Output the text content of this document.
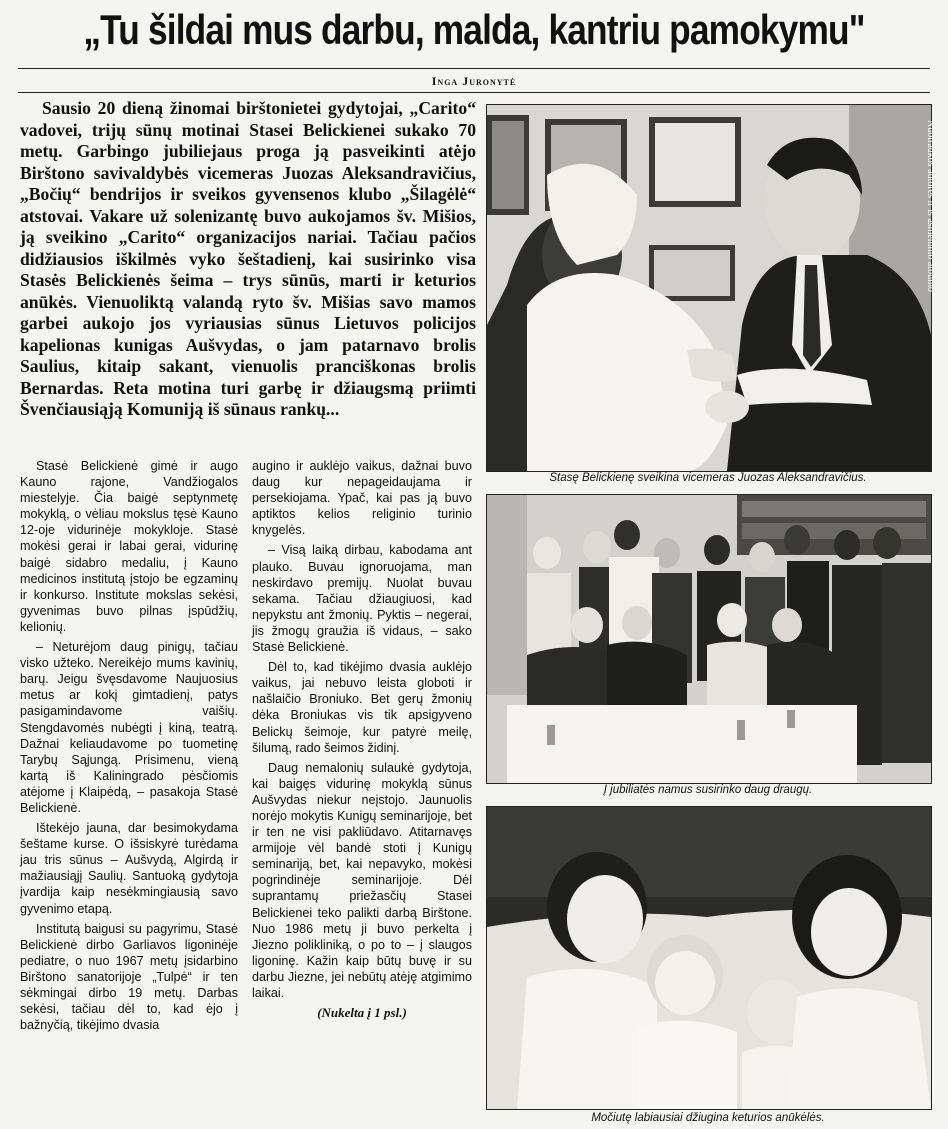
„Tu šildai mus darbu, malda, kantriu pamokymu"
Inga Juronytė

Sausio 20 dieną žinomai birštonietei gydytojai, „Carito“ vadovei, trijų sūnų motinai Stasei Belickienei sukako 70 metų. Garbingo jubiliejaus proga ją pasveikinti atėjo Birštono savivaldybės vicemeras Juozas Aleksandravičius, „Bočių“ bendrijos ir sveikos gyvensenos klubo „Šilagėlė“ atstovai. Vakare už solenizantę buvo aukojamos šv. Mišios, ją sveikino „Carito“ organizacijos nariai. Tačiau pačios didžiausios iškilmės vyko šeštadienį, kai susirinko visa Stasės Belickienės šeima – trys sūnūs, marti ir keturios anūkės. Vienuoliktą valandą ryto šv. Mišias savo mamos garbei aukojo jos vyriausias sūnus Lietuvos policijos kapelionas kunigas Aušvydas, o jam patarnavo brolis Saulius, kitaip sakant, vienuolis pranciškonas brolis Bernardas. Reta motina turi garbę ir džiaugsmą priimti Švenčiausiąją Komuniją iš sūnaus rankų...

Stasė Belickienė gimė ir augo Kauno rajone, Vandžiogalos miestelyje. Čia baigė septynmetę mokyklą, o vėliau mokslus tęsė Kauno 12-oje vidurinėje mokykloje. Stasė mokėsi gerai ir labai gerai, vidurinę baigė sidabro medaliu, į Kauno medicinos institutą įstojo be egzaminų ir konkurso. Institute mokslas sekėsi, gyvenimas buvo pilnas įspūdžių, kelionių.

– Neturėjom daug pinigų, tačiau visko užteko. Nereikėjo mums kavinių, barų. Jeigu švęsdavome Naujuosius metus ar kokį gimtadienį, patys pasigamindavome vaišių. Stengdavomės nubėgti į kiną, teatrą. Dažnai keliaudavome po tuometinę Tarybų Sąjungą. Prisimenu, vieną kartą iš Kaliningrado pėsčiomis atėjome į Klaipėdą, – pasakoja Stasė Belickienė.

Ištekėjo jauna, dar besimokydama šeštame kurse. O išsiskyrė turėdama jau tris sūnus – Aušvydą, Algirdą ir mažiausiąjį Saulių. Santuoką gydytoja įvardija kaip nesėkmingiausią savo gyvenimo etapą.

Institutą baigusi su pagyrimu, Stasė Belickienė dirbo Garliavos ligoninėje pediatre, o nuo 1967 metų įsidarbino Birštono sanatorijoje „Tulpė“ ir ten sėkmingai dirbo 19 metų. Darbas sekėsi, tačiau dėl to, kad ėjo į bažnyčią, tikėjimo dvasia

augino ir auklėjo vaikus, dažnai buvo daug kur nepageidaujama ir persekiojama. Ypač, kai pas ją buvo aptiktos kelios religinio turinio knygelės.

– Visą laiką dirbau, kabodama ant plauko. Buvau ignoruojama, man neskirdavo premijų. Nuolat buvau sekama. Tačiau džiaugiuosi, kad nepykstu ant žmonių. Pyktis – negerai, jis žmogų graužia iš vidaus, – sako Stasė Belickienė.

Dėl to, kad tikėjimo dvasia auklėjo vaikus, jai nebuvo leista globoti ir našlaičio Broniuko. Bet gerų žmonių dėka Broniukas vis tik apsigyveno Belickų šeimoje, kur patyrė meilę, šilumą, rado šeimos židinį.

Daug nemalonių sulaukė gydytoja, kai baigęs vidurinę mokyklą sūnus Aušvydas niekur neįstojo. Jaunuolis norėjo mokytis Kunigų seminarijoje, bet ir ten ne visi pakliūdavo. Atitarnavęs armijoje vėl bandė stoti į Kunigų seminariją, bet, kai nepavyko, mokėsi pogrindinėje seminarijoje. Dėl suprantamų priežasčių Stasei Belickienei teko palikti darbą Birštone. Nuo 1986 metų ji buvo perkelta į Jiezno polikliniką, o po to – į slaugos ligoninę. Kažin kaip būtų buvę ir su darbu Jiezne, jei nebūtų atėję atgimimo laikai.

(Nukelta į 1 psl.)

Nuotraukos autorės ir iš asmeninio albumo
Stasę Belickienę sveikina vicemeras Juozas Aleksandravičius.
Į jubiliatės namus susirinko daug draugų.
Močiutę labiausiai džiugina keturios anūkėlės.
